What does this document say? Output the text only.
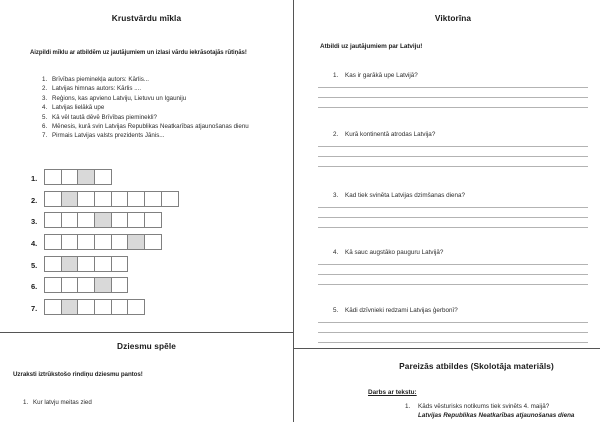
Krustvārdu mīkla

Aizpildi mīklu ar atbildēm uz jautājumiem un izlasi vārdu iekrāsotajās rūtiņās!

1. Brīvības pieminekļa autors: Kārlis...
2. Latvijas himnas autors: Kārlis ....
3. Reģions, kas apvieno Latviju, Lietuvu un Igauniju
4. Latvijas lielākā upe
5. Kā vēl tautā dēvē Brīvības pieminekli?
6. Mēnesis, kurā svin Latvijas Republikas Neatkarības atjaunošanas dienu
7. Pirmais Latvijas valsts prezidents Jānis...
1.
2.
3.
4.
5.
6.
7.
Dziesmu spēle

Uzraksti iztrūkstošo rindiņu dziesmu pantos!

1. Kur latvju meitas zied
Viktorīna

Atbildi uz jautājumiem par Latviju!

1.	Kas ir garākā upe Latvijā?
2.	Kurā kontinentā atrodas Latvija?
3.	Kad tiek svinēta Latvijas dzimšanas diena?
4.	Kā sauc augstāko pauguru Latvijā?
5.	Kādi dzīvnieki redzami Latvijas ģerbonī?
Pareizās atbildes (Skolotāja materiāls)

Darbs ar tekstu:

1.	Kāds vēsturisks notikums tiek svinēts 4. maijā?
Latvijas Republikas Neatkarības atjaunošanas diena
